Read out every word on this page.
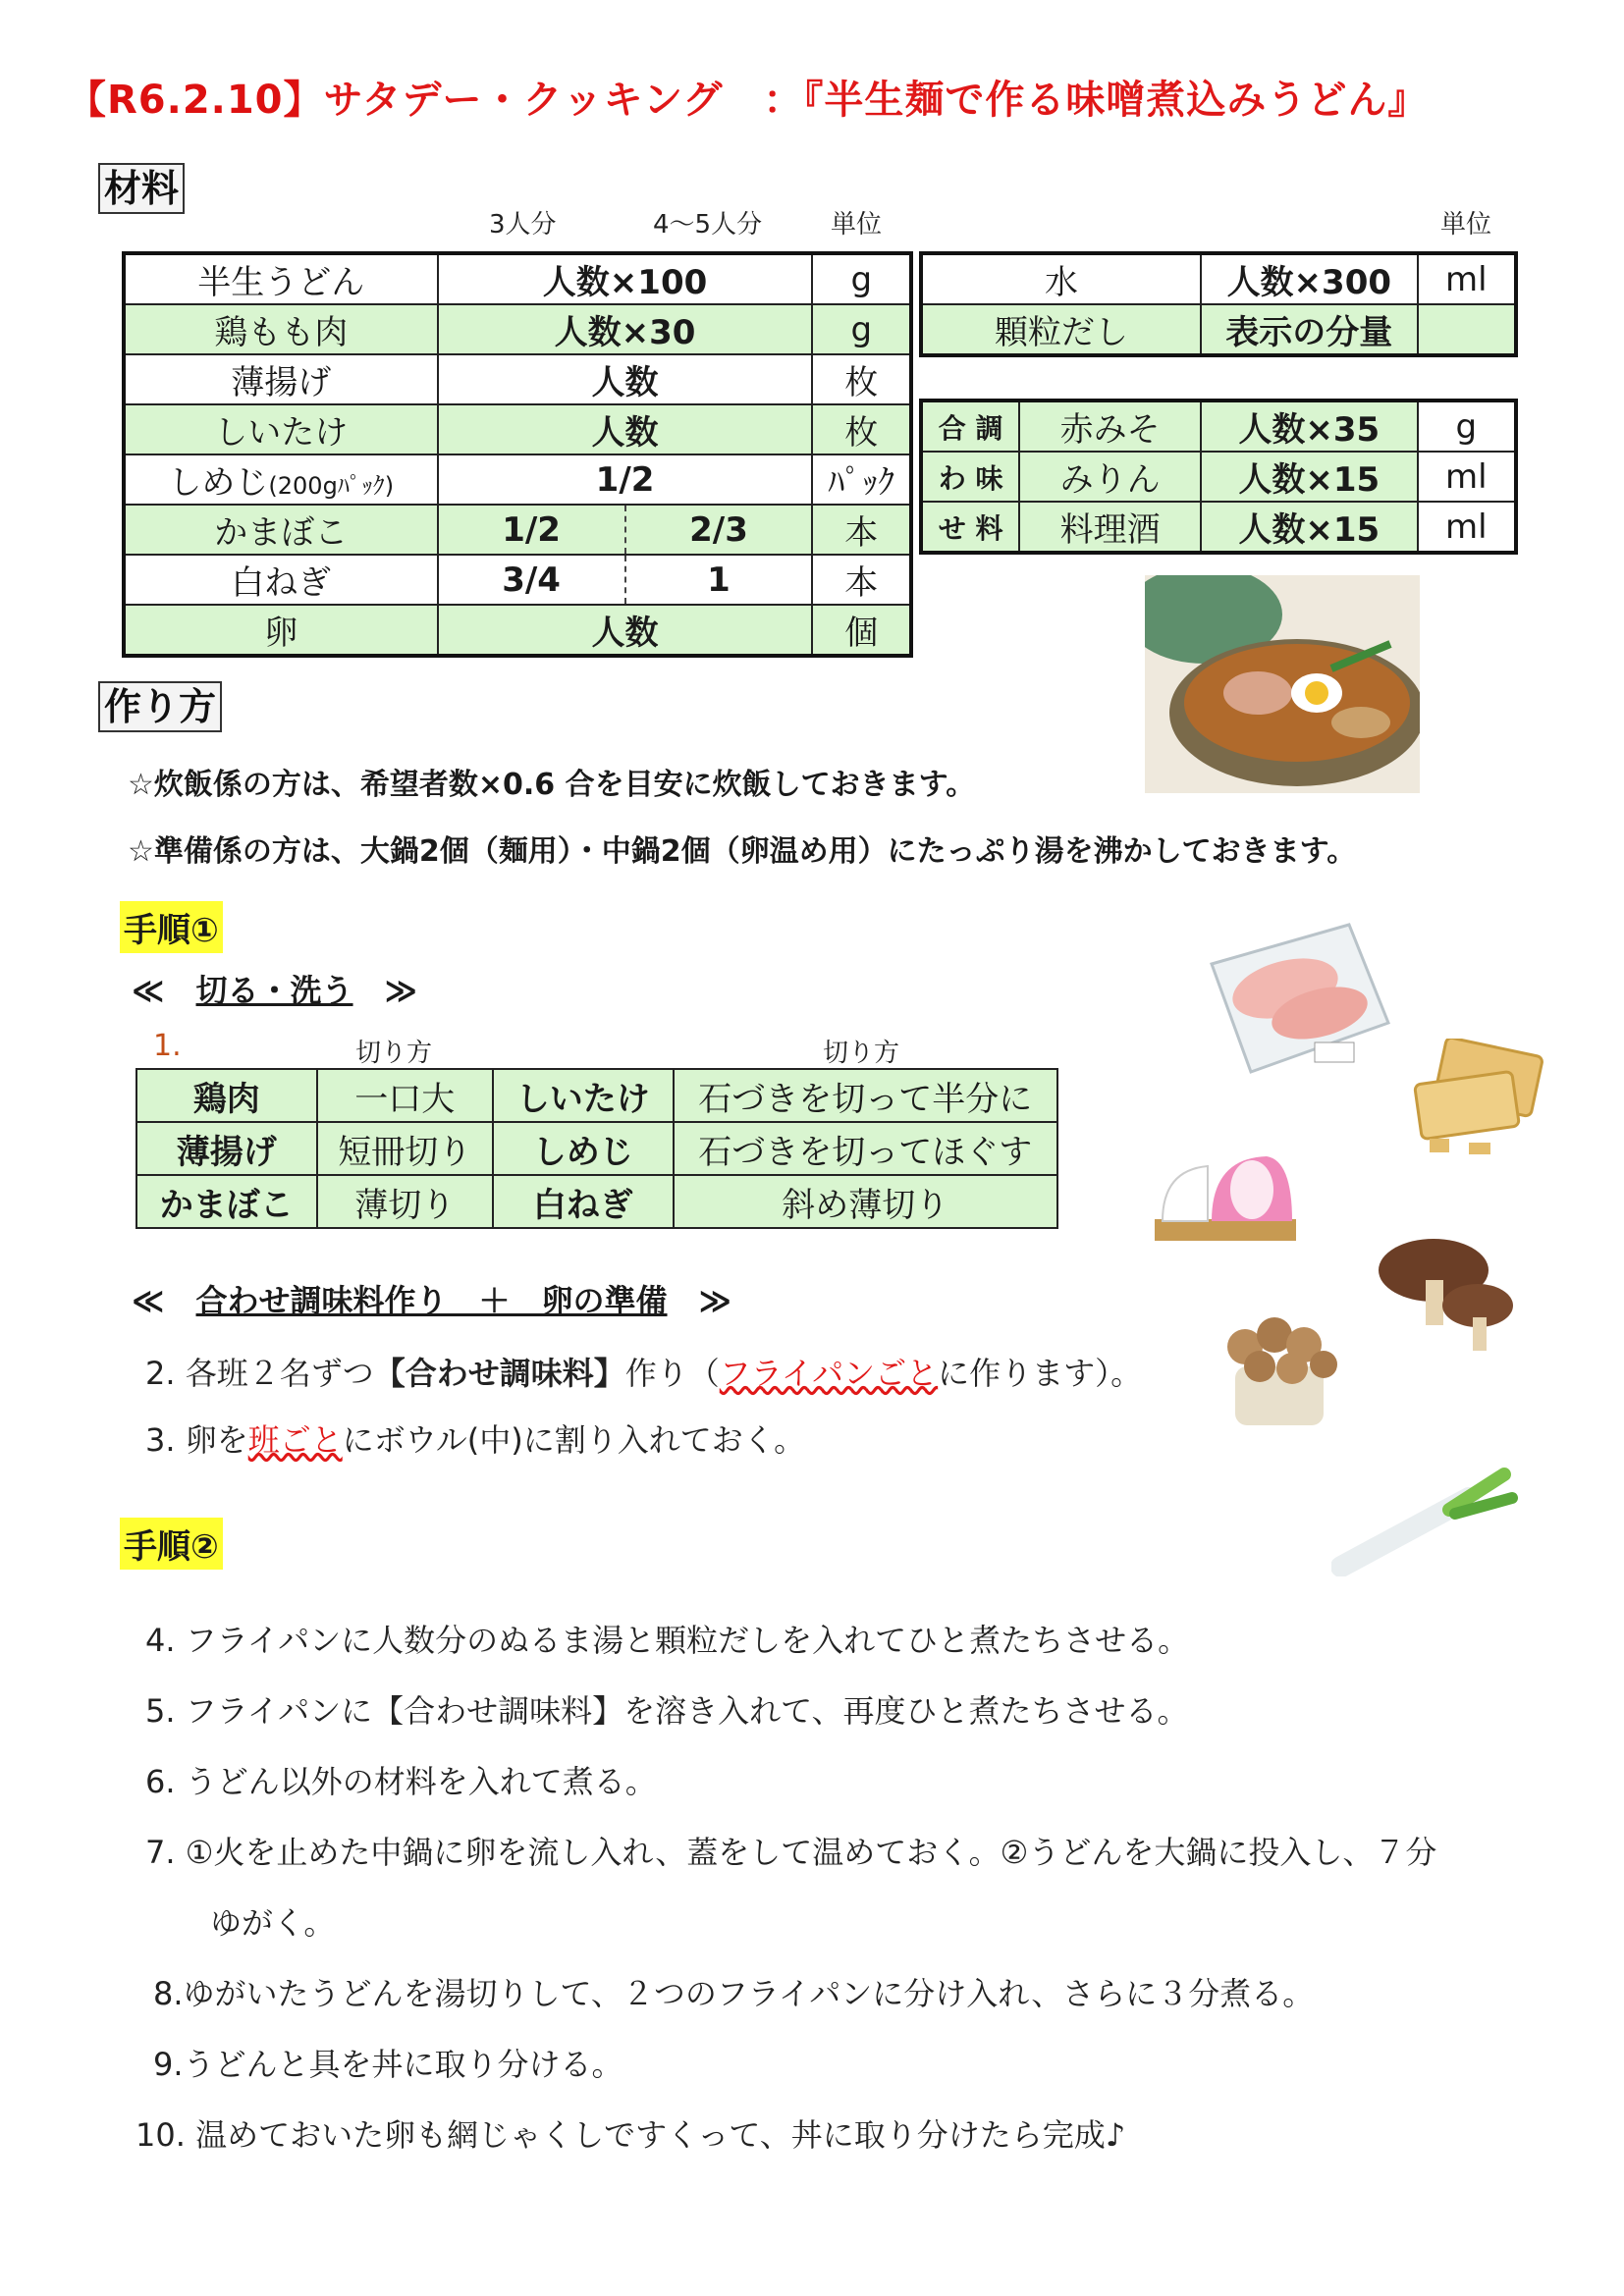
【R6.2.10】サタデー・クッキング　：『半生麺で作る味噌煮込みうどん』
材料
3人分	4～5人分	単位	単位
半生うどん	人数×100		g
鶏もも肉	人数×30		g
薄揚げ	人数		枚
しいたけ	人数		枚
しめじ(200gﾊﾟｯｸ)	1/2		ﾊﾟｯｸ
かまぼこ	1/2	2/3	本
白ねぎ	3/4	1	本
卵	人数		個
水	人数×300	ml
顆粒だし	表示の分量	
合 調	赤みそ	人数×35	g
わ 味	みりん	人数×15	ml
せ 料	料理酒	人数×15	ml
作り方
☆炊飯係の方は、希望者数×0.6 合を目安に炊飯しておきます。
☆準備係の方は、大鍋2個（麺用）・中鍋2個（卵温め用）にたっぷり湯を沸かしておきます。
手順①
≪　切る・洗う　≫
1.	切り方	切り方
鶏肉	一口大	しいたけ	石づきを切って半分に
薄揚げ	短冊切り	しめじ	石づきを切ってほぐす
かまぼこ	薄切り	白ねぎ	斜め薄切り
≪　合わせ調味料作り　＋　卵の準備　≫
2. 各班２名ずつ【合わせ調味料】作り（フライパンごとに作ります）。
3. 卵を班ごとにボウル(中)に割り入れておく。
手順②
4. フライパンに人数分のぬるま湯と顆粒だしを入れてひと煮たちさせる。
5. フライパンに【合わせ調味料】を溶き入れて、再度ひと煮たちさせる。
6. うどん以外の材料を入れて煮る。
7. ①火を止めた中鍋に卵を流し入れ、蓋をして温めておく。②うどんを大鍋に投入し、７分
ゆがく。
8.ゆがいたうどんを湯切りして、２つのフライパンに分け入れ、さらに３分煮る。
9.うどんと具を丼に取り分ける。
10. 温めておいた卵も網じゃくしですくって、丼に取り分けたら完成♪
